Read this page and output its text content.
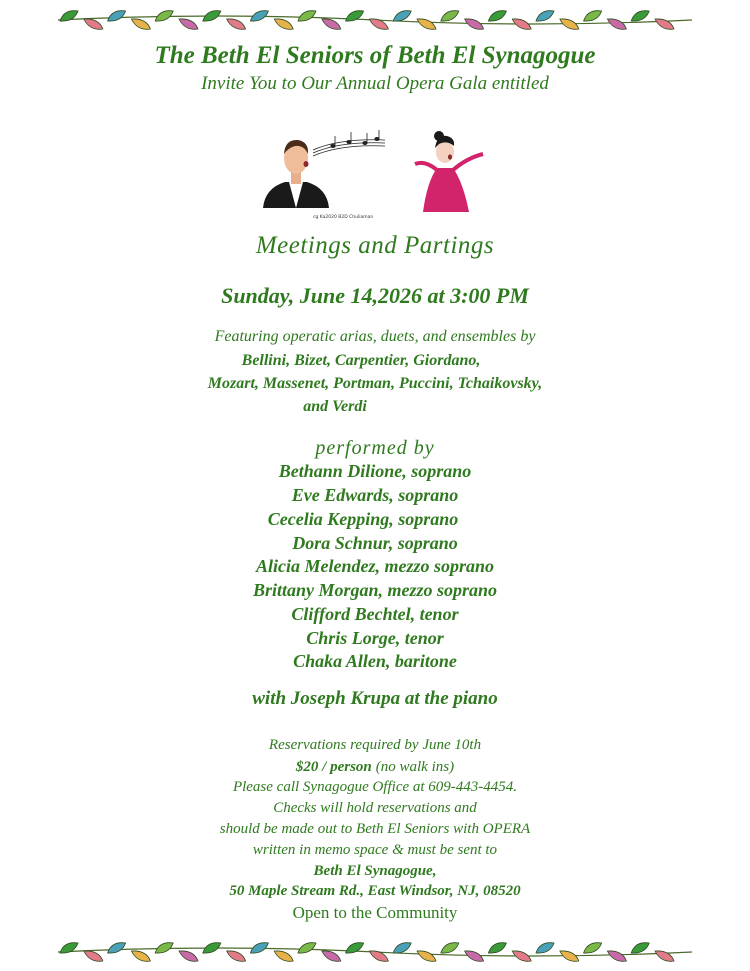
The Beth El Seniors of Beth El Synagogue
Invite You to Our Annual Opera Gala entitled
cg Ka2020 B2D Chuliaman
Meetings and Partings
Sunday, June 14,2026 at 3:00 PM
Featuring operatic arias, duets, and ensembles by
Bellini, Bizet, Carpentier, Giordano,
Mozart, Massenet, Portman, Puccini, Tchaikovsky,
and Verdi
performed by
Bethann Dilione, soprano
Eve Edwards, soprano
Cecelia Kepping, soprano
Dora Schnur, soprano
Alicia Melendez, mezzo soprano
Brittany Morgan, mezzo soprano
Clifford Bechtel, tenor
Chris Lorge, tenor
Chaka Allen, baritone
with Joseph Krupa at the piano
Reservations required by June 10th
$20 / person (no walk ins)
Please call Synagogue Office at 609-443-4454.
Checks will hold reservations and
should be made out to Beth El Seniors with OPERA
written in memo space & must be sent to
Beth El Synagogue,
50 Maple Stream Rd., East Windsor, NJ, 08520
Open to the Community
